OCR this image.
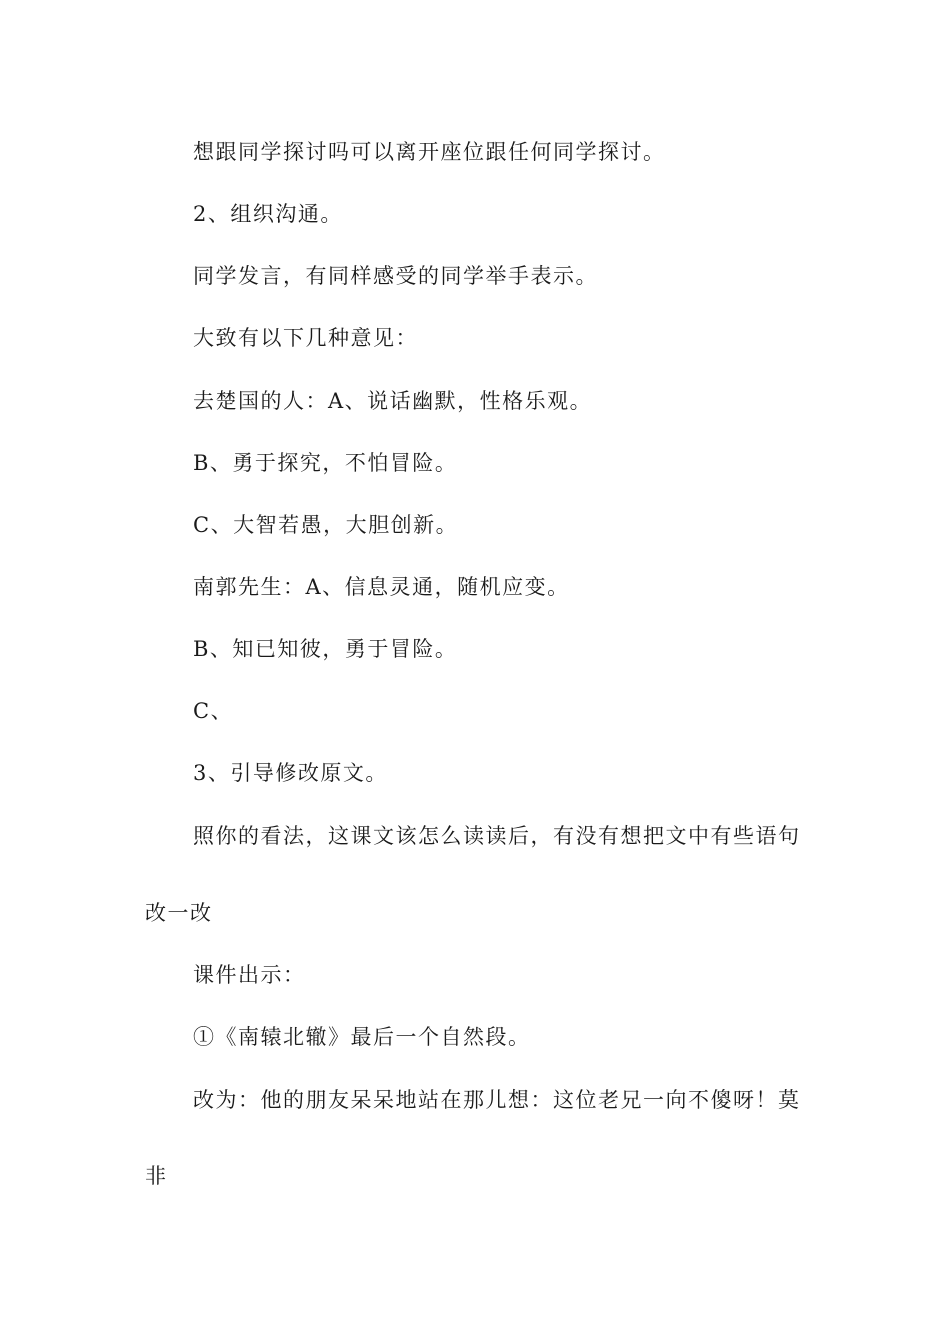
想跟同学探讨吗可以离开座位跟任何同学探讨。
2、组织沟通。
同学发言，有同样感受的同学举手表示。
大致有以下几种意见：
去楚国的人：A、说话幽默，性格乐观。
B、勇于探究，不怕冒险。
C、大智若愚，大胆创新。
南郭先生：A、信息灵通，随机应变。
B、知已知彼，勇于冒险。
C、
3、引导修改原文。
照你的看法，这课文该怎么读读后，有没有想把文中有些语句
改一改
课件出示：
①《南辕北辙》最后一个自然段。
改为：他的朋友呆呆地站在那儿想：这位老兄一向不傻呀！莫
非
